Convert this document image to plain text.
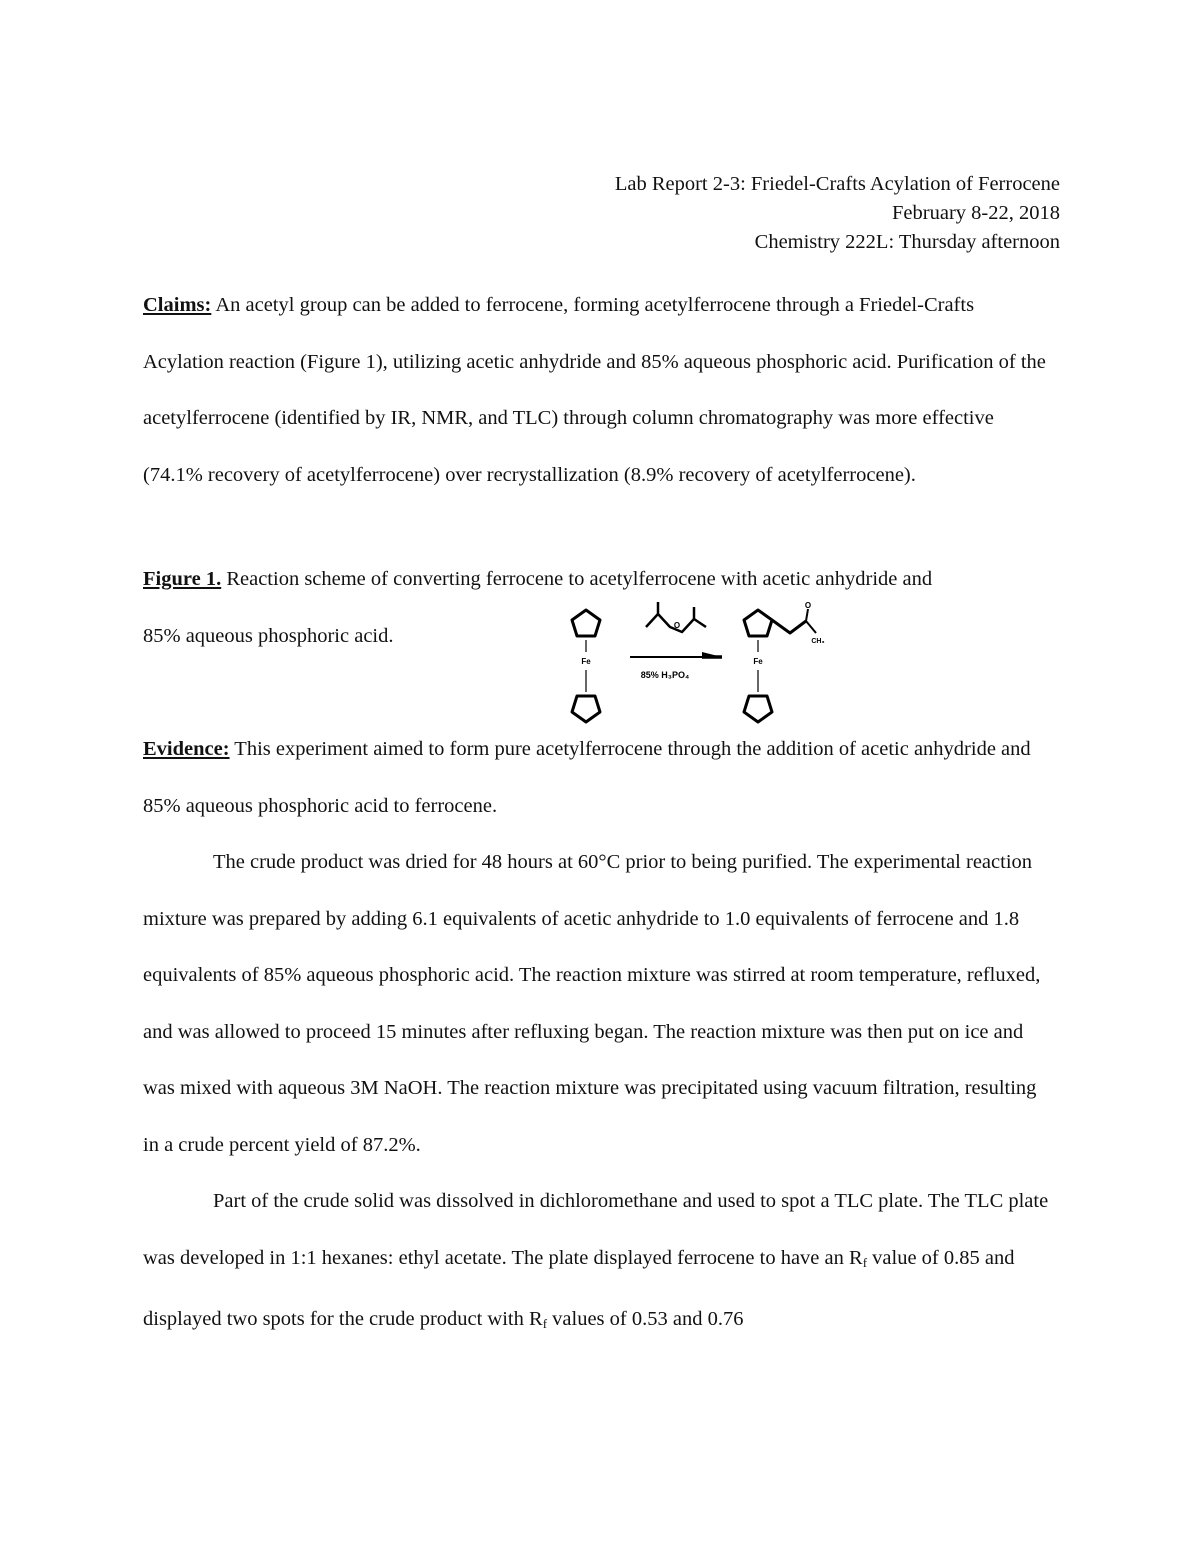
Lab Report 2-3: Friedel-Crafts Acylation of Ferrocene
February 8-22, 2018
Chemistry 222L: Thursday afternoon

Claims: An acetyl group can be added to ferrocene, forming acetylferrocene through a Friedel-Crafts Acylation reaction (Figure 1), utilizing acetic anhydride and 85% aqueous phosphoric acid. Purification of the acetylferrocene (identified by IR, NMR, and TLC) through column chromatography was more effective (74.1% recovery of acetylferrocene) over recrystallization (8.9% recovery of acetylferrocene).

Figure 1. Reaction scheme of converting ferrocene to acetylferrocene with acetic anhydride and

85% aqueous phosphoric acid.

Fe	Fe
O
O
CH₃
85% H₃PO₄

Evidence: This experiment aimed to form pure acetylferrocene through the addition of acetic anhydride and 85% aqueous phosphoric acid to ferrocene.

The crude product was dried for 48 hours at 60°C prior to being purified. The experimental reaction mixture was prepared by adding 6.1 equivalents of acetic anhydride to 1.0 equivalents of ferrocene and 1.8 equivalents of 85% aqueous phosphoric acid. The reaction mixture was stirred at room temperature, refluxed, and was allowed to proceed 15 minutes after refluxing began. The reaction mixture was then put on ice and was mixed with aqueous 3M NaOH. The reaction mixture was precipitated using vacuum filtration, resulting in a crude percent yield of 87.2%.

Part of the crude solid was dissolved in dichloromethane and used to spot a TLC plate. The TLC plate was developed in 1:1 hexanes: ethyl acetate. The plate displayed ferrocene to have an Rf value of 0.85 and displayed two spots for the crude product with Rf values of 0.53 and 0.76
